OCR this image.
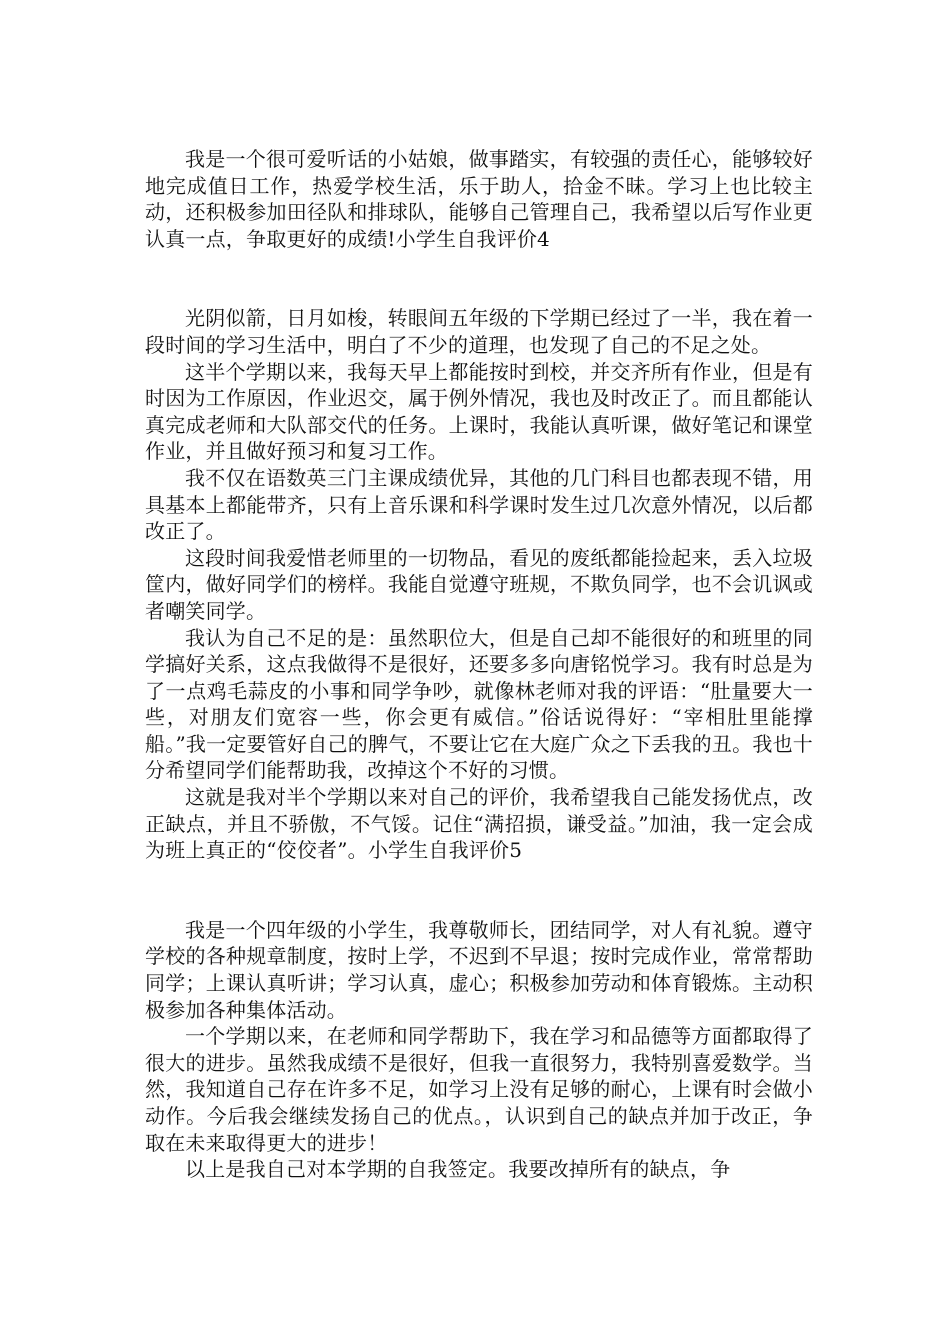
我是一个很可爱听话的小姑娘，做事踏实，有较强的责任心，能够较好地完成值日工作，热爱学校生活，乐于助人，拾金不昧。学习上也比较主动，还积极参加田径队和排球队，能够自己管理自己，我希望以后写作业更认真一点，争取更好的成绩!小学生自我评价4

光阴似箭，日月如梭，转眼间五年级的下学期已经过了一半，我在着一段时间的学习生活中，明白了不少的道理，也发现了自己的不足之处。

这半个学期以来，我每天早上都能按时到校，并交齐所有作业，但是有时因为工作原因，作业迟交，属于例外情况，我也及时改正了。而且都能认真完成老师和大队部交代的任务。上课时，我能认真听课，做好笔记和课堂作业，并且做好预习和复习工作。

我不仅在语数英三门主课成绩优异，其他的几门科目也都表现不错，用具基本上都能带齐，只有上音乐课和科学课时发生过几次意外情况，以后都改正了。

这段时间我爱惜老师里的一切物品，看见的废纸都能捡起来，丢入垃圾筐内，做好同学们的榜样。我能自觉遵守班规，不欺负同学，也不会讥讽或者嘲笑同学。

我认为自己不足的是：虽然职位大，但是自己却不能很好的和班里的同学搞好关系，这点我做得不是很好，还要多多向唐铭悦学习。我有时总是为了一点鸡毛蒜皮的小事和同学争吵，就像林老师对我的评语：“肚量要大一些，对朋友们宽容一些，你会更有威信。”俗话说得好：“宰相肚里能撑船。”我一定要管好自己的脾气，不要让它在大庭广众之下丢我的丑。我也十分希望同学们能帮助我，改掉这个不好的习惯。

这就是我对半个学期以来对自己的评价，我希望我自己能发扬优点，改正缺点，并且不骄傲，不气馁。记住“满招损，谦受益。”加油，我一定会成为班上真正的“佼佼者”。小学生自我评价5

我是一个四年级的小学生，我尊敬师长，团结同学，对人有礼貌。遵守学校的各种规章制度，按时上学，不迟到不早退；按时完成作业，常常帮助同学；上课认真听讲；学习认真，虚心；积极参加劳动和体育锻炼。主动积极参加各种集体活动。

一个学期以来，在老师和同学帮助下，我在学习和品德等方面都取得了很大的进步。虽然我成绩不是很好，但我一直很努力，我特别喜爱数学。当然，我知道自己存在许多不足，如学习上没有足够的耐心，上课有时会做小动作。今后我会继续发扬自己的优点。，认识到自己的缺点并加于改正，争取在未来取得更大的进步！

以上是我自己对本学期的自我签定。我要改掉所有的缺点，争
